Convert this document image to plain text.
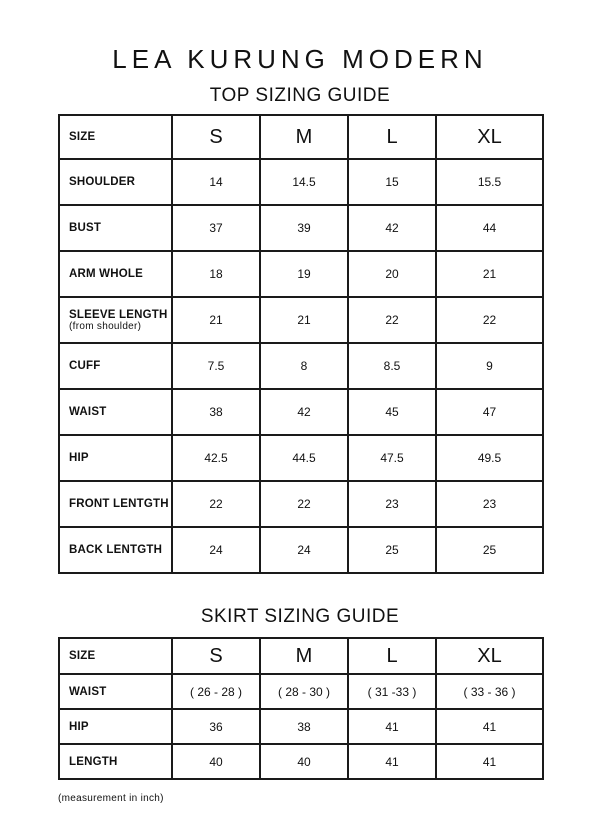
LEA KURUNG MODERN
TOP SIZING GUIDE
SIZE	S	M	L	XL
SHOULDER	14	14.5	15	15.5
BUST	37	39	42	44
ARM WHOLE	18	19	20	21
SLEEVE LENGTH
(from shoulder)	21	21	22	22
CUFF	7.5	8	8.5	9
WAIST	38	42	45	47
HIP	42.5	44.5	47.5	49.5
FRONT LENTGTH	22	22	23	23
BACK LENTGTH	24	24	25	25
SKIRT SIZING GUIDE
SIZE	S	M	L	XL
WAIST	( 26 - 28 )	( 28 - 30 )	( 31 -33 )	( 33 - 36 )
HIP	36	38	41	41
LENGTH	40	40	41	41
(measurement in inch)
